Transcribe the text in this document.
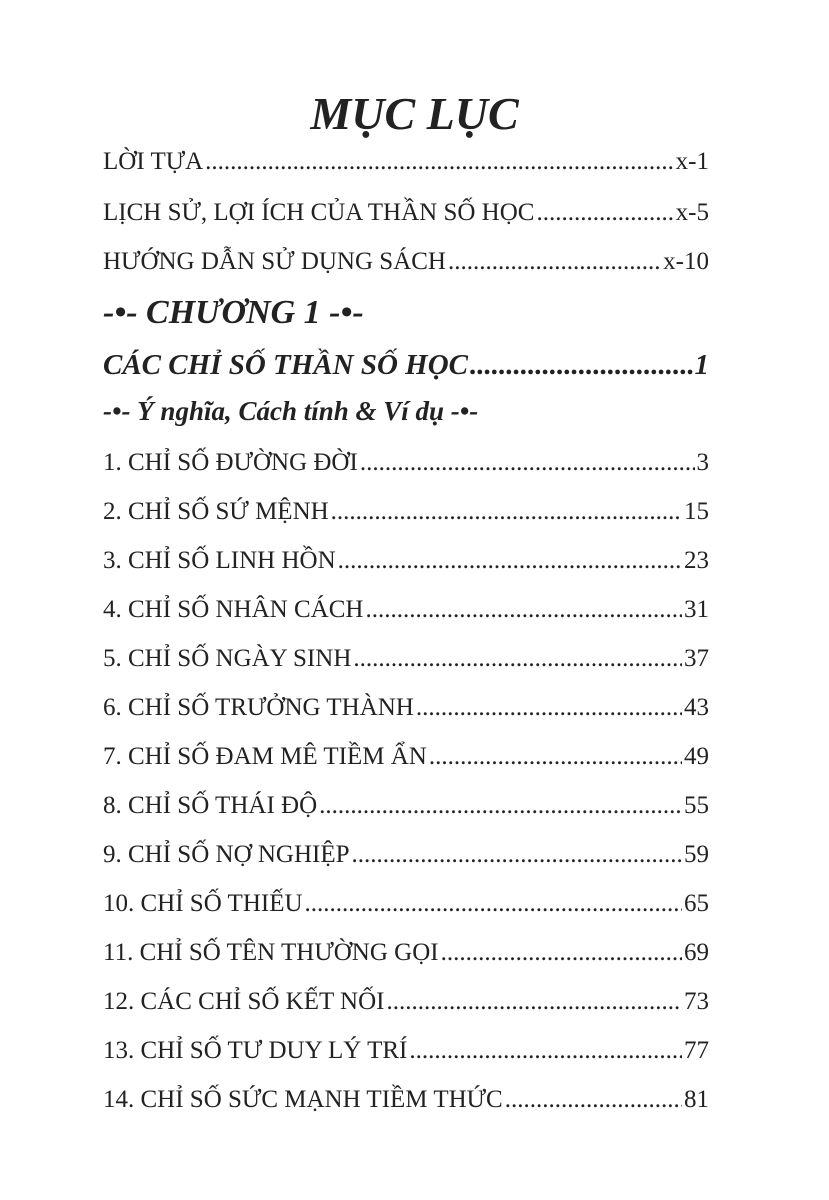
MỤC LỤC
LỜI TỰA .....	x-1
LỊCH SỬ, LỢI ÍCH CỦA THẦN SỐ HỌC .....	x-5
HƯỚNG DẪN SỬ DỤNG SÁCH .....	x-10
-•- CHƯƠNG 1 -•-
CÁC CHỈ SỐ THẦN SỐ HỌC .....	1
-•- Ý nghĩa, Cách tính & Ví dụ -•-
1. CHỈ SỐ ĐƯỜNG ĐỜI .....	3
2. CHỈ SỐ SỨ MỆNH .....	15
3. CHỈ SỐ LINH HỒN .....	23
4. CHỈ SỐ NHÂN CÁCH .....	31
5. CHỈ SỐ NGÀY SINH .....	37
6. CHỈ SỐ TRƯỞNG THÀNH .....	43
7. CHỈ SỐ ĐAM MÊ TIỀM ẨN .....	49
8. CHỈ SỐ THÁI ĐỘ .....	55
9. CHỈ SỐ NỢ NGHIỆP .....	59
10. CHỈ SỐ THIẾU .....	65
11. CHỈ SỐ TÊN THƯỜNG GỌI .....	69
12. CÁC CHỈ SỐ KẾT NỐI .....	73
13. CHỈ SỐ TƯ DUY LÝ TRÍ .....	77
14. CHỈ SỐ SỨC MẠNH TIỀM THỨC .....	81
